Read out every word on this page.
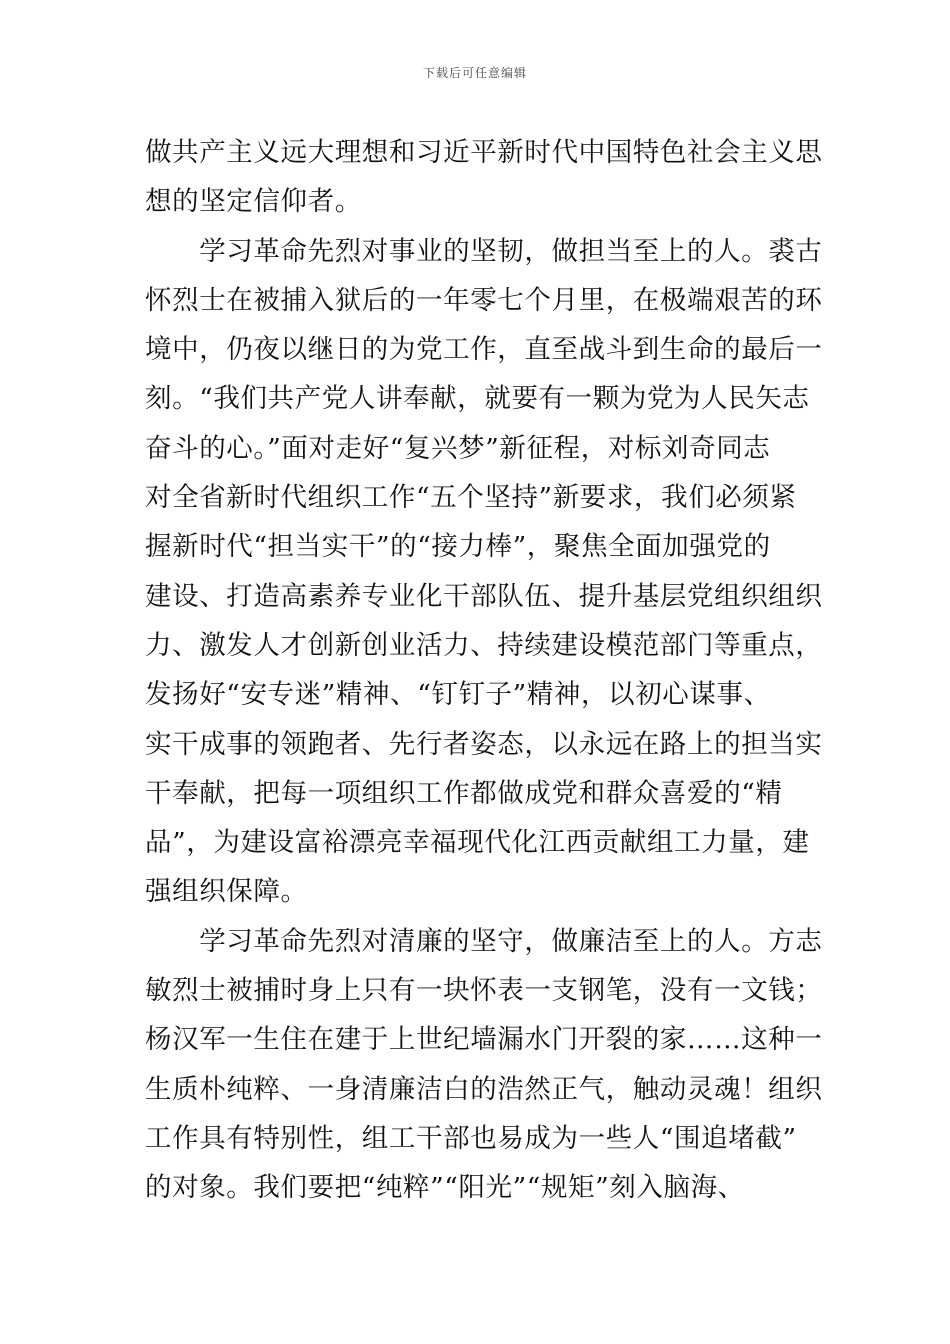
下载后可任意编辑
做共产主义远大理想和习近平新时代中国特色社会主义思
想的坚定信仰者。
　　学习革命先烈对事业的坚韧，做担当至上的人。裘古
怀烈士在被捕入狱后的一年零七个月里，在极端艰苦的环
境中，仍夜以继日的为党工作，直至战斗到生命的最后一
刻。“我们共产党人讲奉献，就要有一颗为党为人民矢志
奋斗的心。”面对走好“复兴梦”新征程，对标刘奇同志
对全省新时代组织工作“五个坚持”新要求，我们必须紧
握新时代“担当实干”的“接力棒”，聚焦全面加强党的
建设、打造高素养专业化干部队伍、提升基层党组织组织
力、激发人才创新创业活力、持续建设模范部门等重点，
发扬好“安专迷”精神、“钉钉子”精神，以初心谋事、
实干成事的领跑者、先行者姿态，以永远在路上的担当实
干奉献，把每一项组织工作都做成党和群众喜爱的“精
品”，为建设富裕漂亮幸福现代化江西贡献组工力量，建
强组织保障。
　　学习革命先烈对清廉的坚守，做廉洁至上的人。方志
敏烈士被捕时身上只有一块怀表一支钢笔，没有一文钱；
杨汉军一生住在建于上世纪墙漏水门开裂的家……这种一
生质朴纯粹、一身清廉洁白的浩然正气，触动灵魂！组织
工作具有特别性，组工干部也易成为一些人“围追堵截”
的对象。我们要把“纯粹”“阳光”“规矩”刻入脑海、
